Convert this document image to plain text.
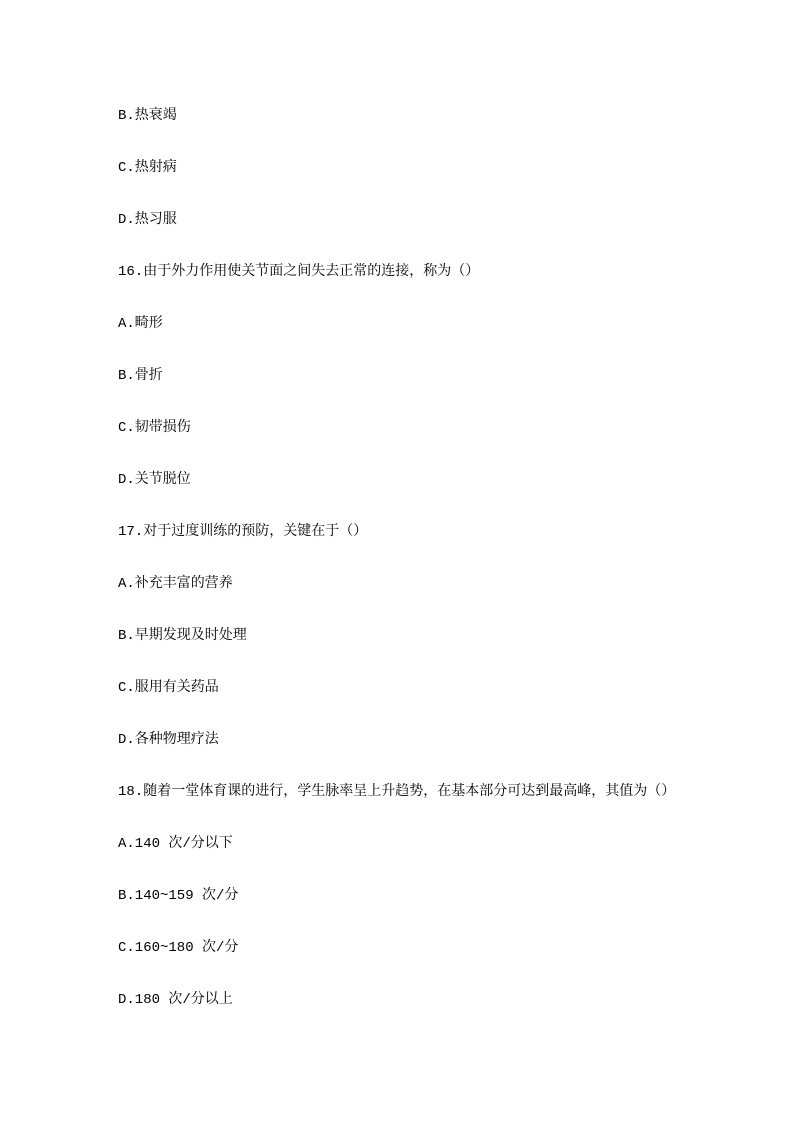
B.热衰竭

C.热射病

D.热习服

16.由于外力作用使关节面之间失去正常的连接，称为（）

A.畸形

B.骨折

C.韧带损伤

D.关节脱位

17.对于过度训练的预防，关键在于（）

A.补充丰富的营养

B.早期发现及时处理

C.服用有关药品

D.各种物理疗法

18.随着一堂体育课的进行，学生脉率呈上升趋势，在基本部分可达到最高峰，其值为（）

A.140 次/分以下

B.140~159 次/分

C.160~180 次/分

D.180 次/分以上
